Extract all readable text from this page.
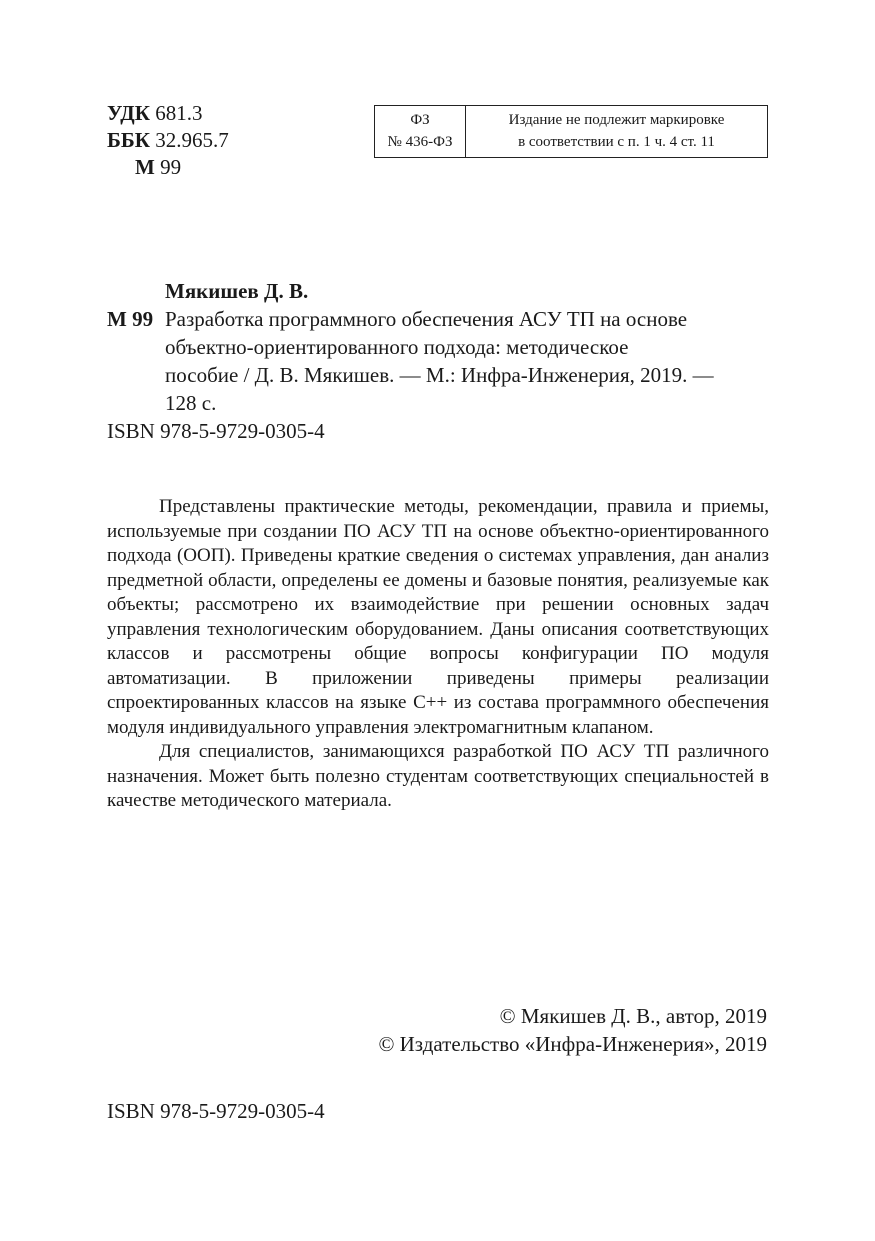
УДК 681.3
ББК 32.965.7
М 99
ФЗ
№ 436-ФЗ
Издание не подлежит маркировке
в соответствии с п. 1 ч. 4 ст. 11
Мякишев Д. В.
М 99 Разработка программного обеспечения АСУ ТП на основе
объектно-ориентированного подхода: методическое
пособие / Д. В. Мякишев. — М.: Инфра-Инженерия, 2019. —
128 с.
ISBN 978-5-9729-0305-4

Представлены практические методы, рекомендации, правила и приемы, используемые при создании ПО АСУ ТП на основе объектно-ориентированного подхода (ООП). Приведены краткие сведения о системах управления, дан анализ предметной области, определены ее домены и базовые понятия, реализуемые как объекты; рассмотрено их взаимодействие при решении основных задач управления технологическим оборудованием. Даны описания соответствующих классов и рассмотрены общие вопросы конфигурации ПО модуля автоматизации. В приложении приведены примеры реализации спроектированных классов на языке С++ из состава программного обеспечения модуля индивидуального управления электромагнитным клапаном.

Для специалистов, занимающихся разработкой ПО АСУ ТП различного назначения. Может быть полезно студентам соответствующих специальностей в качестве методического материала.

© Мякишев Д. В., автор, 2019
© Издательство «Инфра-Инженерия», 2019
ISBN 978-5-9729-0305-4
